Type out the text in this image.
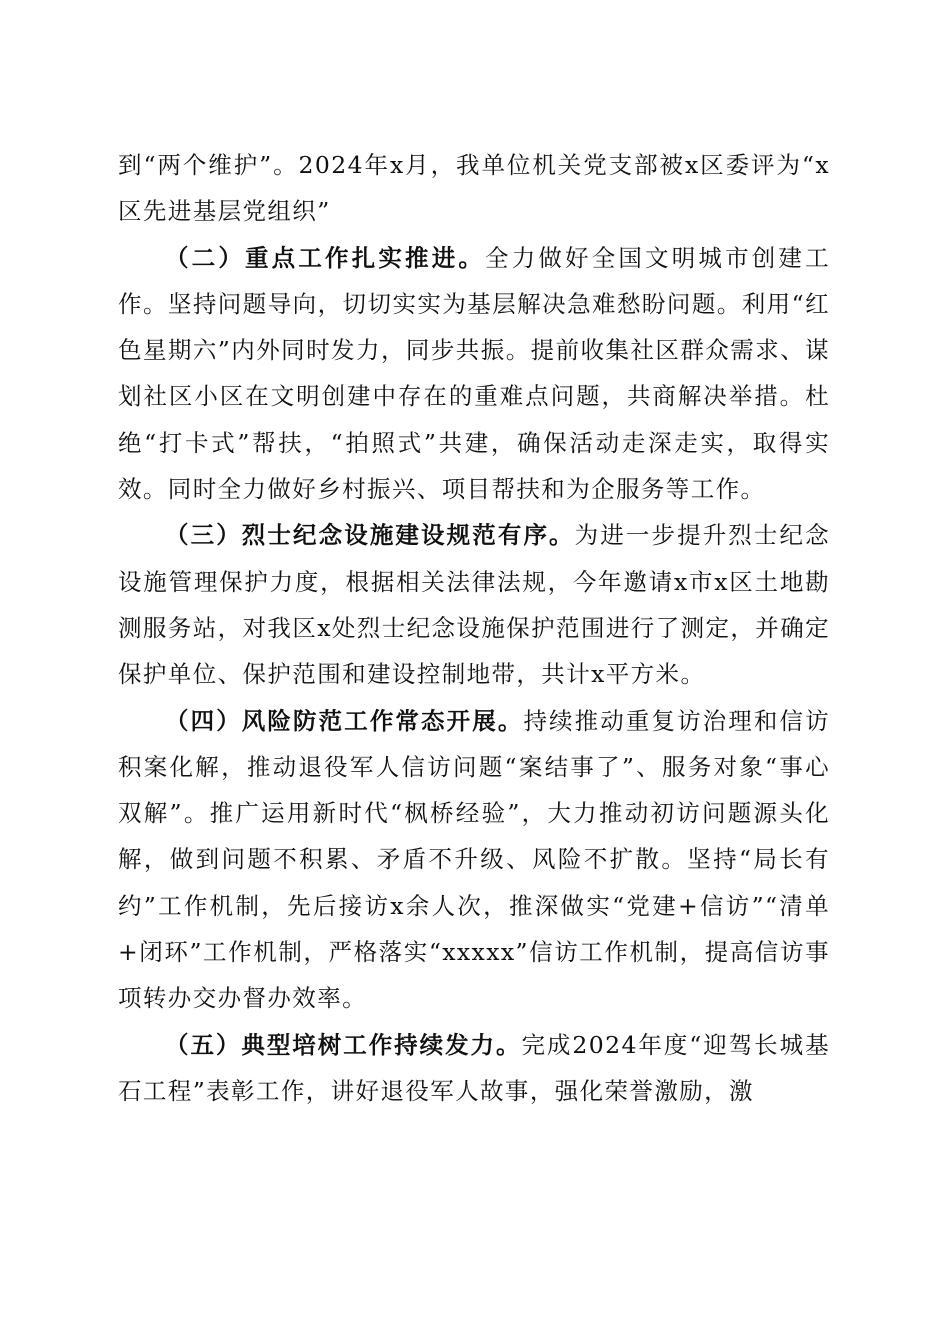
到“两个维护”。2024年x月，我单位机关党支部被x区委评为“x区先进基层党组织”

（二）重点工作扎实推进。全力做好全国文明城市创建工作。坚持问题导向，切切实实为基层解决急难愁盼问题。利用“红色星期六”内外同时发力，同步共振。提前收集社区群众需求、谋划社区小区在文明创建中存在的重难点问题，共商解决举措。杜绝“打卡式”帮扶，“拍照式”共建，确保活动走深走实，取得实效。同时全力做好乡村振兴、项目帮扶和为企服务等工作。

（三）烈士纪念设施建设规范有序。为进一步提升烈士纪念设施管理保护力度，根据相关法律法规，今年邀请x市x区土地勘测服务站，对我区x处烈士纪念设施保护范围进行了测定，并确定保护单位、保护范围和建设控制地带，共计x平方米。

（四）风险防范工作常态开展。持续推动重复访治理和信访积案化解，推动退役军人信访问题“案结事了”、服务对象“事心双解”。推广运用新时代“枫桥经验”，大力推动初访问题源头化解，做到问题不积累、矛盾不升级、风险不扩散。坚持“局长有约”工作机制，先后接访x余人次，推深做实“党建+信访”“清单+闭环”工作机制，严格落实“xxxxx”信访工作机制，提高信访事项转办交办督办效率。

（五）典型培树工作持续发力。完成2024年度“迎驾长城基石工程”表彰工作，讲好退役军人故事，强化荣誉激励，激
